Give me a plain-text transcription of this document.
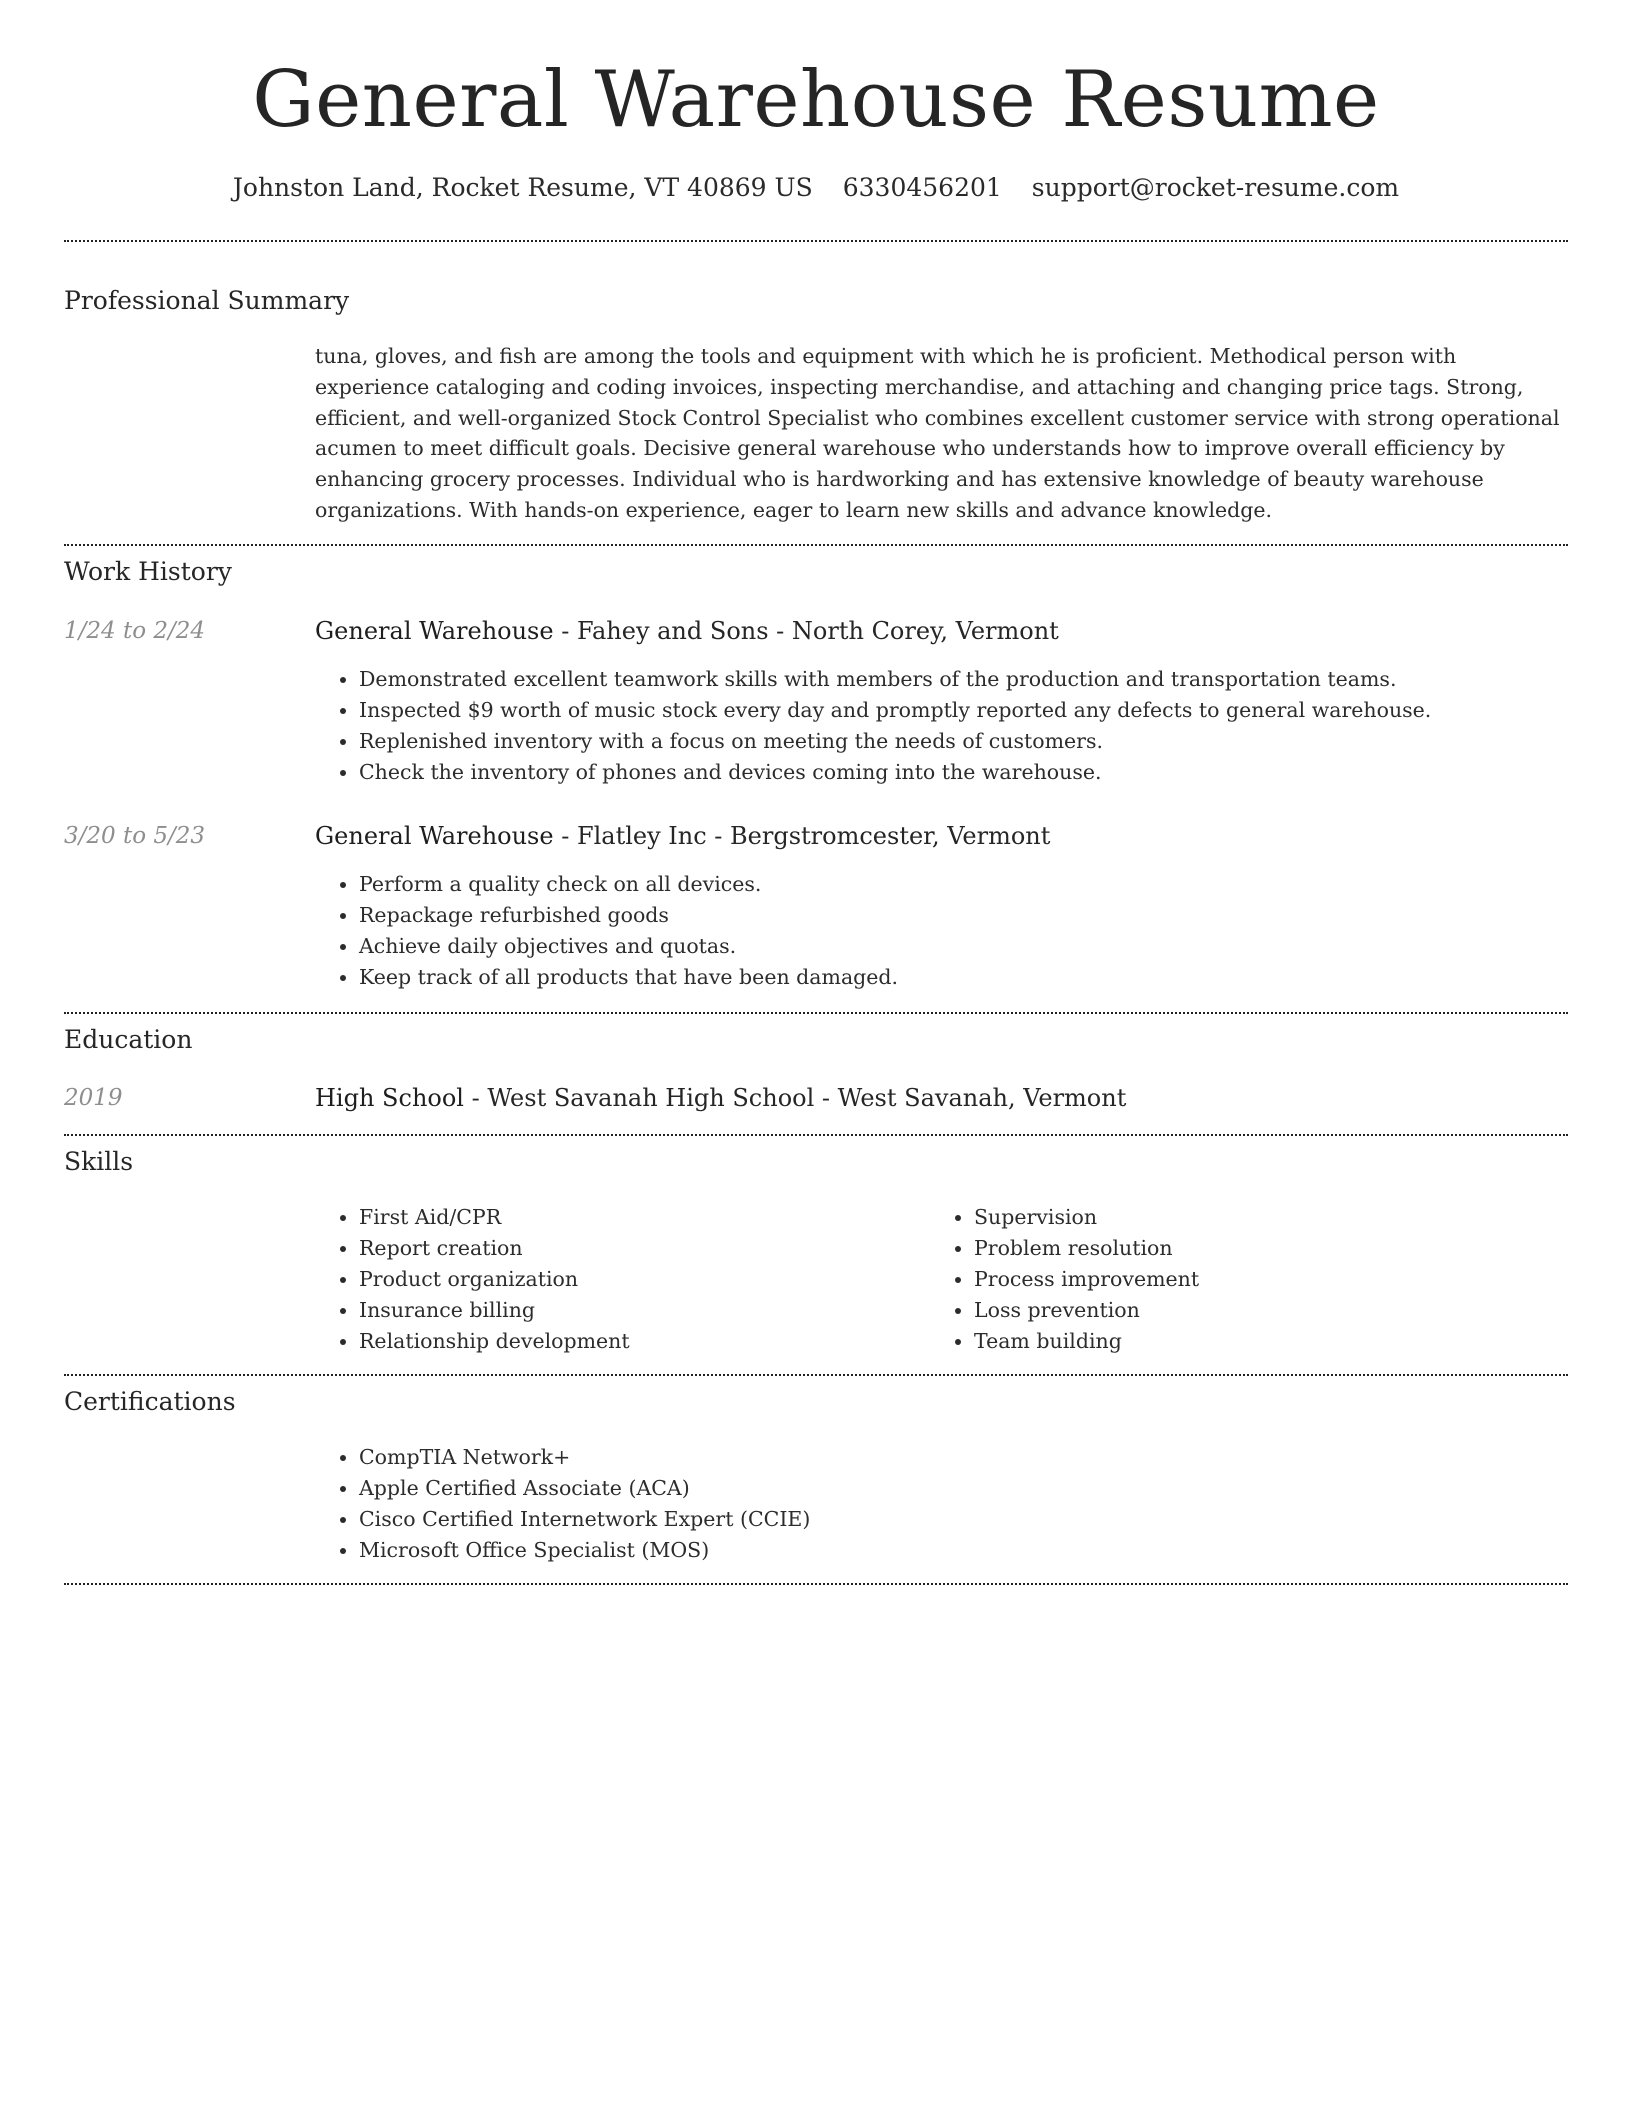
General Warehouse Resume
Johnston Land, Rocket Resume, VT 40869 US 6330456201 support@rocket-resume.com
Professional Summary
tuna, gloves, and fish are among the tools and equipment with which he is proficient. Methodical person with experience cataloging and coding invoices, inspecting merchandise, and attaching and changing price tags. Strong, efficient, and well-organized Stock Control Specialist who combines excellent customer service with strong operational acumen to meet difficult goals. Decisive general warehouse who understands how to improve overall efficiency by enhancing grocery processes. Individual who is hardworking and has extensive knowledge of beauty warehouse organizations. With hands-on experience, eager to learn new skills and advance knowledge.
Work History
1/24 to 2/24	General Warehouse - Fahey and Sons - North Corey, Vermont
• Demonstrated excellent teamwork skills with members of the production and transportation teams.
• Inspected $9 worth of music stock every day and promptly reported any defects to general warehouse.
• Replenished inventory with a focus on meeting the needs of customers.
• Check the inventory of phones and devices coming into the warehouse.
3/20 to 5/23	General Warehouse - Flatley Inc - Bergstromcester, Vermont
• Perform a quality check on all devices.
• Repackage refurbished goods
• Achieve daily objectives and quotas.
• Keep track of all products that have been damaged.
Education
2019	High School - West Savanah High School - West Savanah, Vermont
Skills
• First Aid/CPR
• Report creation
• Product organization
• Insurance billing
• Relationship development
• Supervision
• Problem resolution
• Process improvement
• Loss prevention
• Team building
Certifications
• CompTIA Network+
• Apple Certified Associate (ACA)
• Cisco Certified Internetwork Expert (CCIE)
• Microsoft Office Specialist (MOS)
